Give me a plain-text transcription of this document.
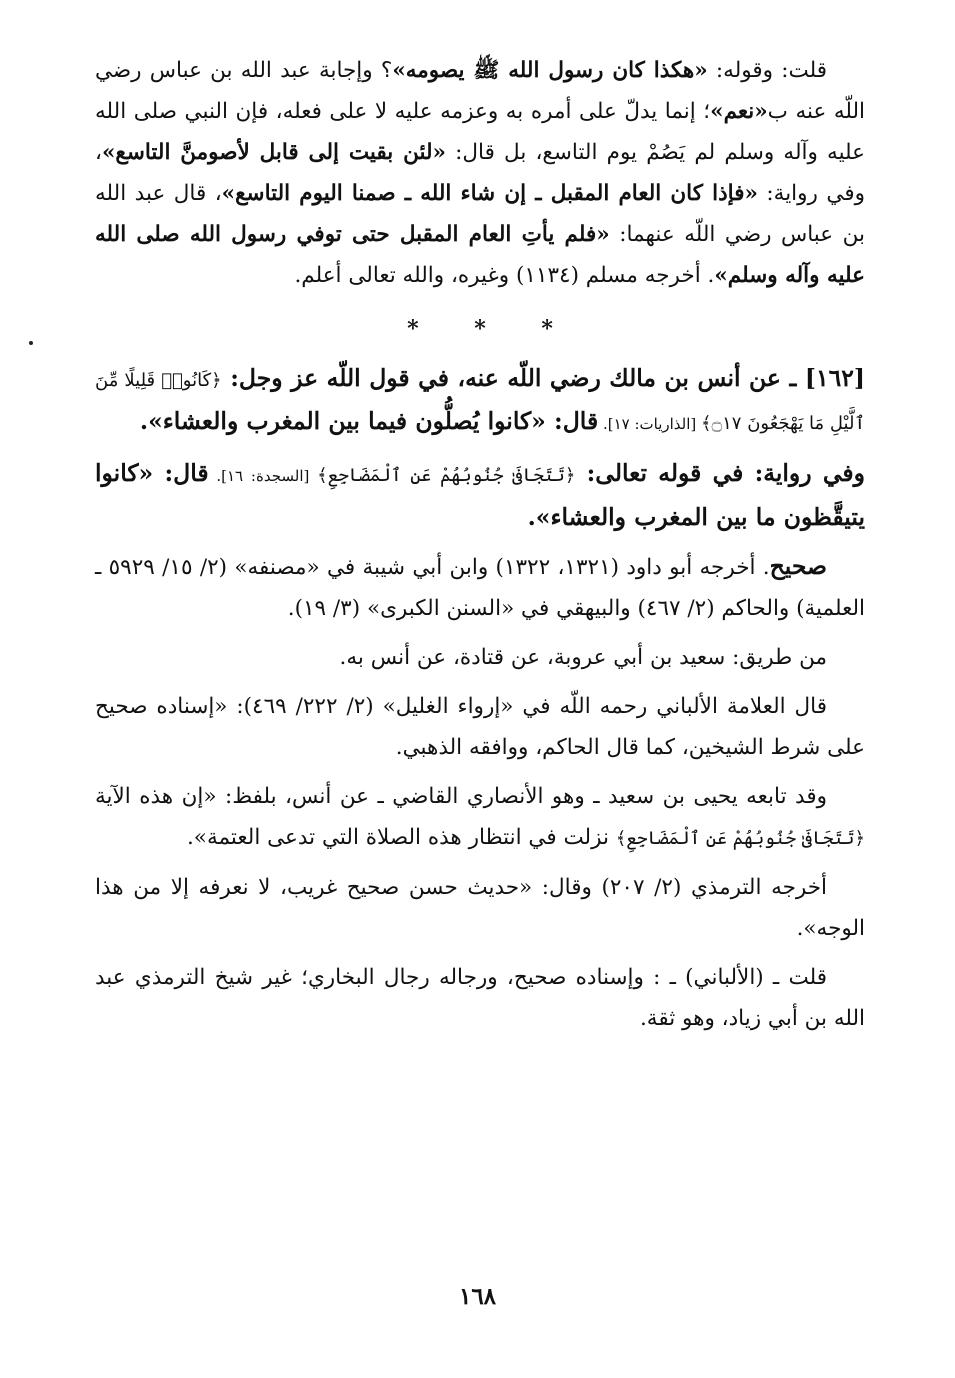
قلت: وقوله: «هكذا كان رسول الله ﷺ يصومه»؟ وإجابة عبد الله بن عباس رضي اللّه عنه ب«نعم»؛ إنما يدلّ على أمره به وعزمه عليه لا على فعله، فإن النبي صلى الله عليه وآله وسلم لم يَصُمْ يوم التاسع، بل قال: «لئن بقيت إلى قابل لأصومنَّ التاسع»، وفي رواية: «فإذا كان العام المقبل ـ إن شاء الله ـ صمنا اليوم التاسع»، قال عبد الله بن عباس رضي اللّه عنهما: «فلم يأتِ العام المقبل حتى توفي رسول الله صلى الله عليه وآله وسلم». أخرجه مسلم (١١٣٤) وغيره، والله تعالى أعلم.

* * *

[١٦٢] ـ عن أنس بن مالك رضي اللّه عنه، في قول اللّه عز وجل: ﴿كَانُوا۟ قَلِيلًا مِّنَ ٱلَّيْلِ مَا يَهْجَعُونَ ۝١٧﴾ [الذاريات: ١٧]. قال: «كانوا يُصلُّون فيما بين المغرب والعشاء».

وفي رواية: في قوله تعالى: ﴿تَتَجَافَىٰ جُنُوبُهُمْ عَنِ ٱلْمَضَاجِعِ﴾ [السجدة: ١٦]. قال: «كانوا يتيقَّظون ما بين المغرب والعشاء».

صحيح. أخرجه أبو داود (١٣٢١، ١٣٢٢) وابن أبي شيبة في «مصنفه» (٢/ ١٥/ ٥٩٢٩ ـ العلمية) والحاكم (٢/ ٤٦٧) والبيهقي في «السنن الكبرى» (٣/ ١٩).

من طريق: سعيد بن أبي عروبة، عن قتادة، عن أنس به.

قال العلامة الألباني رحمه اللّه في «إرواء الغليل» (٢/ ٢٢٢/ ٤٦٩): «إسناده صحيح على شرط الشيخين، كما قال الحاكم، ووافقه الذهبي.

وقد تابعه يحيى بن سعيد ـ وهو الأنصاري القاضي ـ عن أنس، بلفظ: «إن هذه الآية ﴿تَتَجَافَىٰ جُنُوبُهُمْ عَنِ ٱلْمَضَاجِعِ﴾ نزلت في انتظار هذه الصلاة التي تدعى العتمة».

أخرجه الترمذي (٢/ ٢٠٧) وقال: «حديث حسن صحيح غريب، لا نعرفه إلا من هذا الوجه».

قلت ـ (الألباني) ـ : وإسناده صحيح، ورجاله رجال البخاري؛ غير شيخ الترمذي عبد الله بن أبي زياد، وهو ثقة.

١٦٨
